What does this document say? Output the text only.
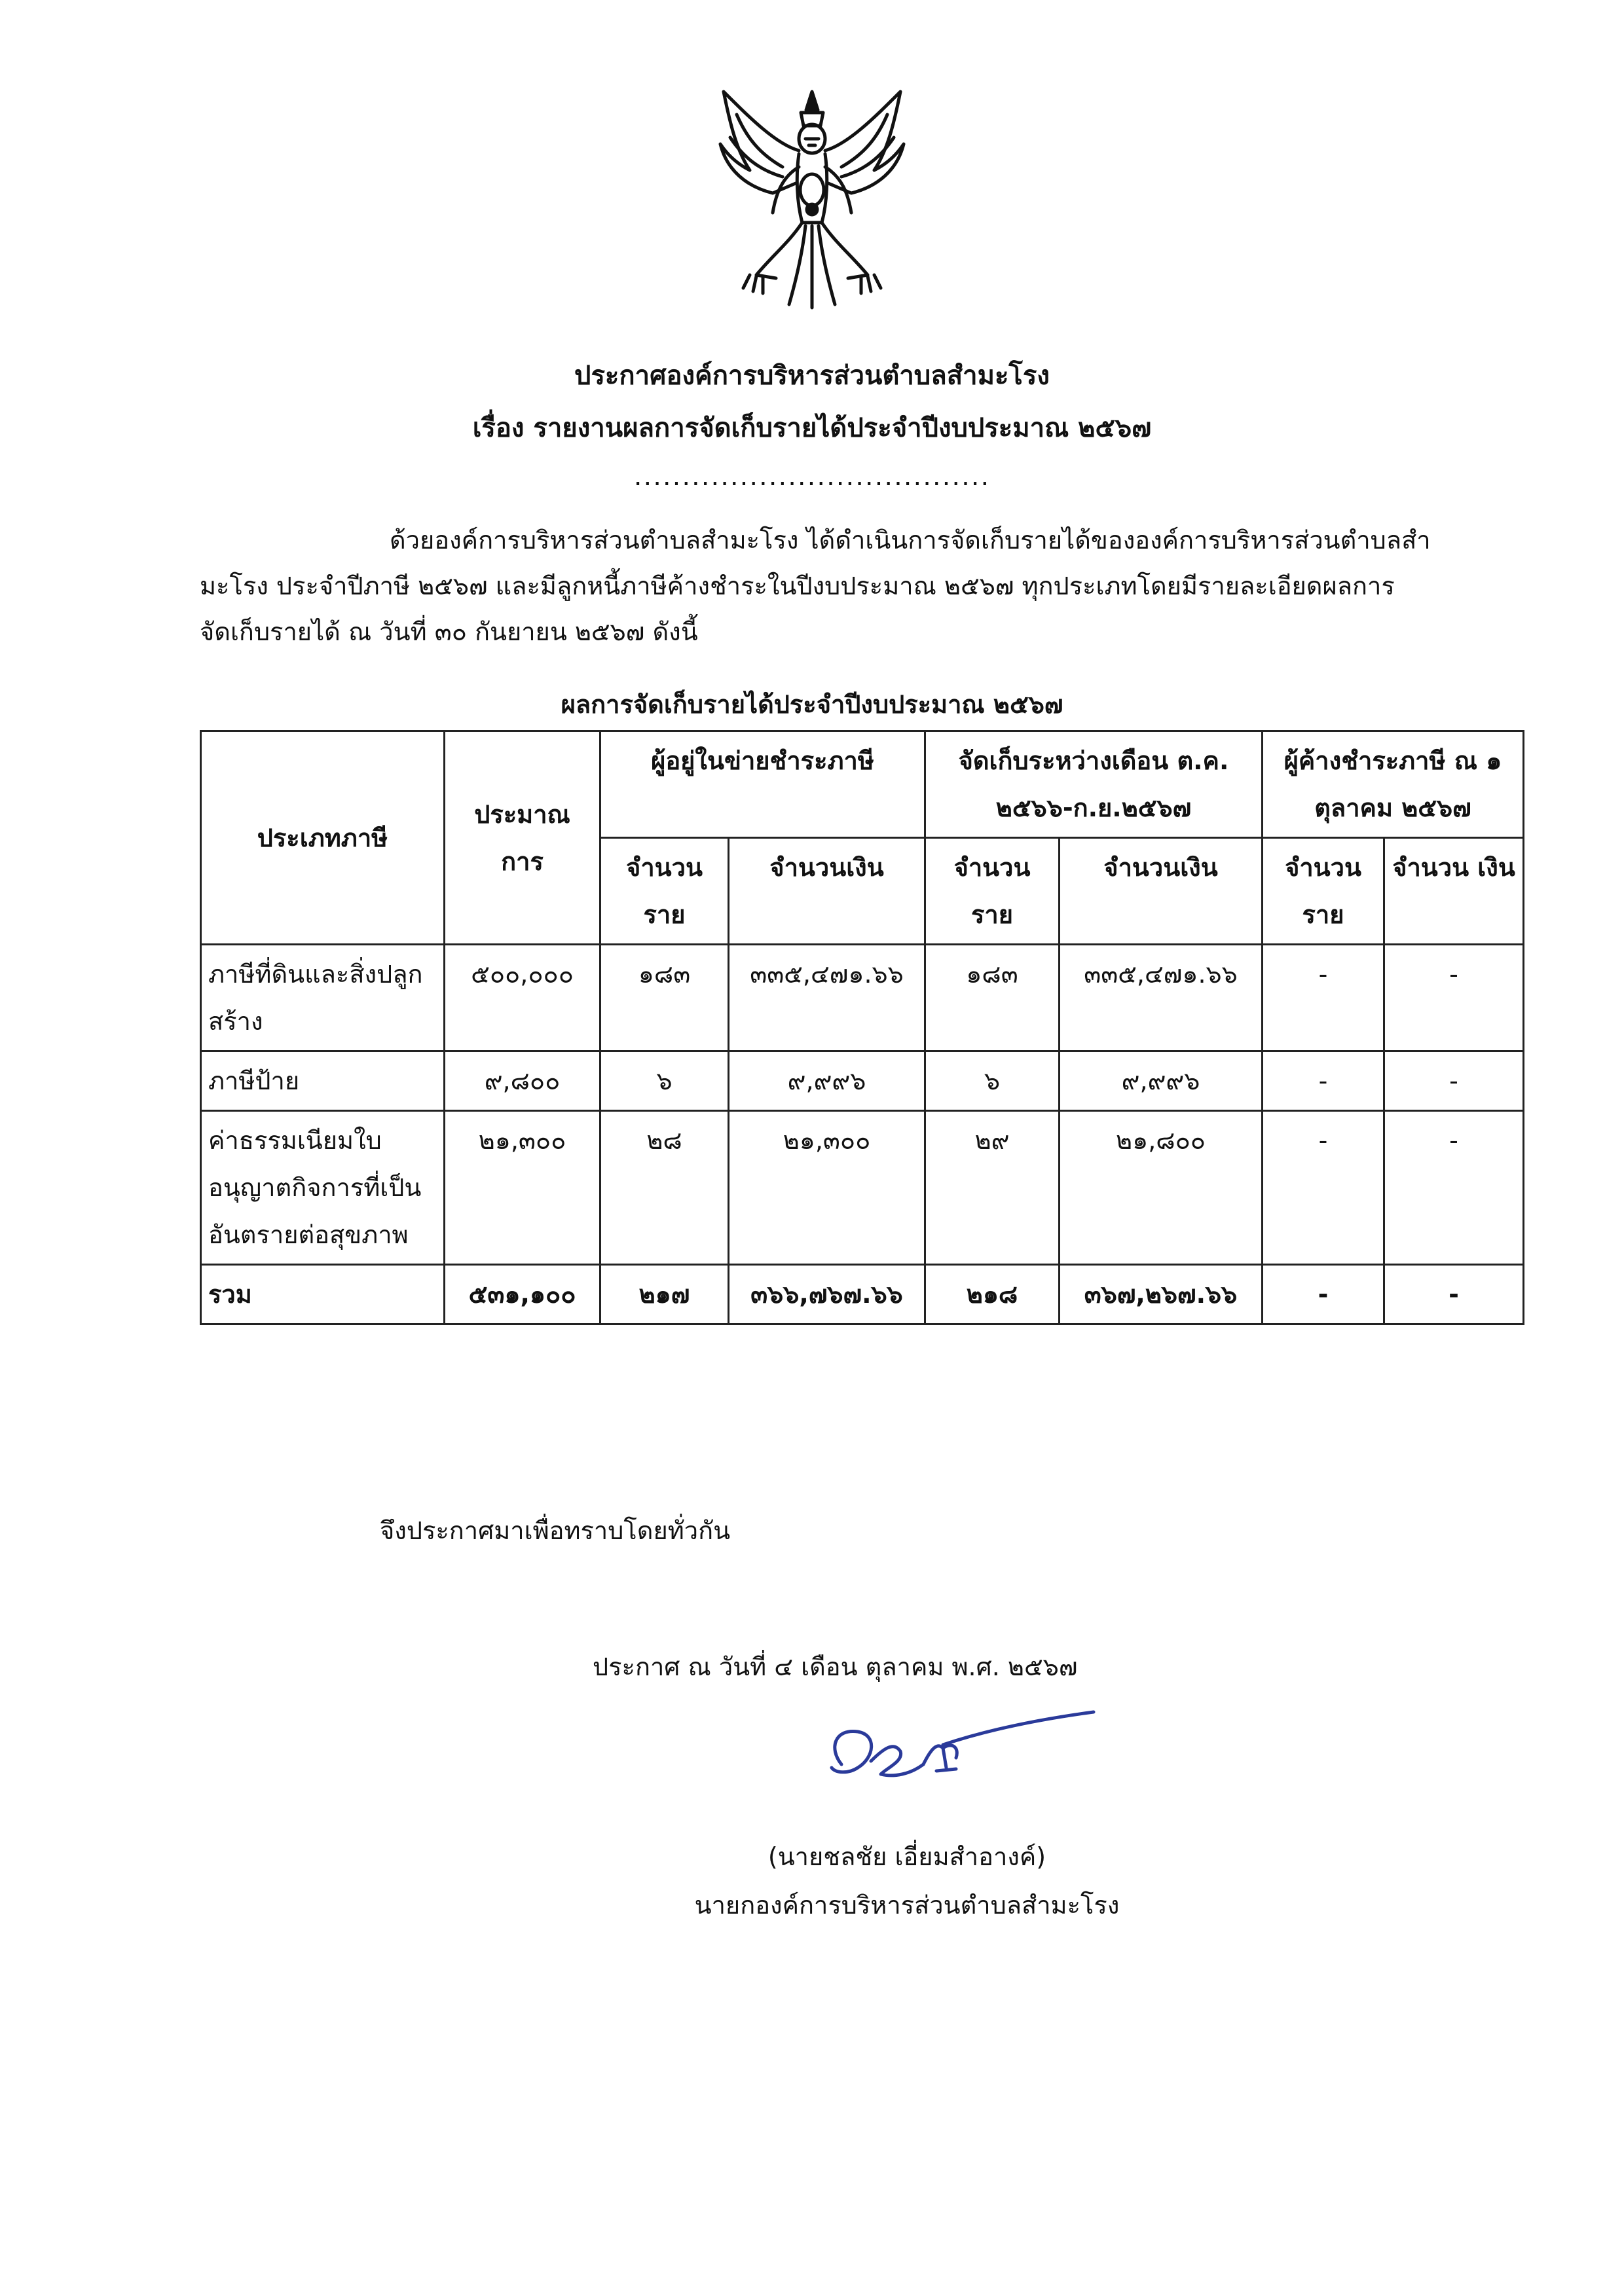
ประกาศองค์การบริหารส่วนตำบลสำมะโรง
เรื่อง รายงานผลการจัดเก็บรายได้ประจำปีงบประมาณ ๒๕๖๗
.....................................
ด้วยองค์การบริหารส่วนตำบลสำมะโรง ได้ดำเนินการจัดเก็บรายได้ขององค์การบริหารส่วนตำบลสำ
มะโรง ประจำปีภาษี ๒๕๖๗ และมีลูกหนี้ภาษีค้างชำระในปีงบประมาณ ๒๕๖๗ ทุกประเภทโดยมีรายละเอียดผลการ
จัดเก็บรายได้ ณ วันที่ ๓๐ กันยายน ๒๕๖๗ ดังนี้
ผลการจัดเก็บรายได้ประจำปีงบประมาณ ๒๕๖๗
ประเภทภาษี	ประมาณ การ	ผู้อยู่ในข่ายชำระภาษี		จัดเก็บระหว่างเดือน ต.ค. ๒๕๖๖-ก.ย.๒๕๖๗		ผู้ค้างชำระภาษี ณ ๑ ตุลาคม ๒๕๖๗	
		จำนวน ราย	จำนวนเงิน	จำนวน ราย	จำนวนเงิน	จำนวน ราย	จำนวน เงิน
ภาษีที่ดินและสิ่งปลูกสร้าง	๕๐๐,๐๐๐	๑๘๓	๓๓๕,๔๗๑.๖๖	๑๘๓	๓๓๕,๔๗๑.๖๖	-	-
ภาษีป้าย	๙,๘๐๐	๖	๙,๙๙๖	๖	๙,๙๙๖	-	-
ค่าธรรมเนียมใบอนุญาตกิจการที่เป็นอันตรายต่อสุขภาพ	๒๑,๓๐๐	๒๘	๒๑,๓๐๐	๒๙	๒๑,๘๐๐	-	-
รวม	๕๓๑,๑๐๐	๒๑๗	๓๖๖,๗๖๗.๖๖	๒๑๘	๓๖๗,๒๖๗.๖๖	-	-
จึงประกาศมาเพื่อทราบโดยทั่วกัน
ประกาศ ณ วันที่ ๔ เดือน ตุลาคม พ.ศ. ๒๕๖๗
(นายชลชัย เอี่ยมสำอางค์)
นายกองค์การบริหารส่วนตำบลสำมะโรง
